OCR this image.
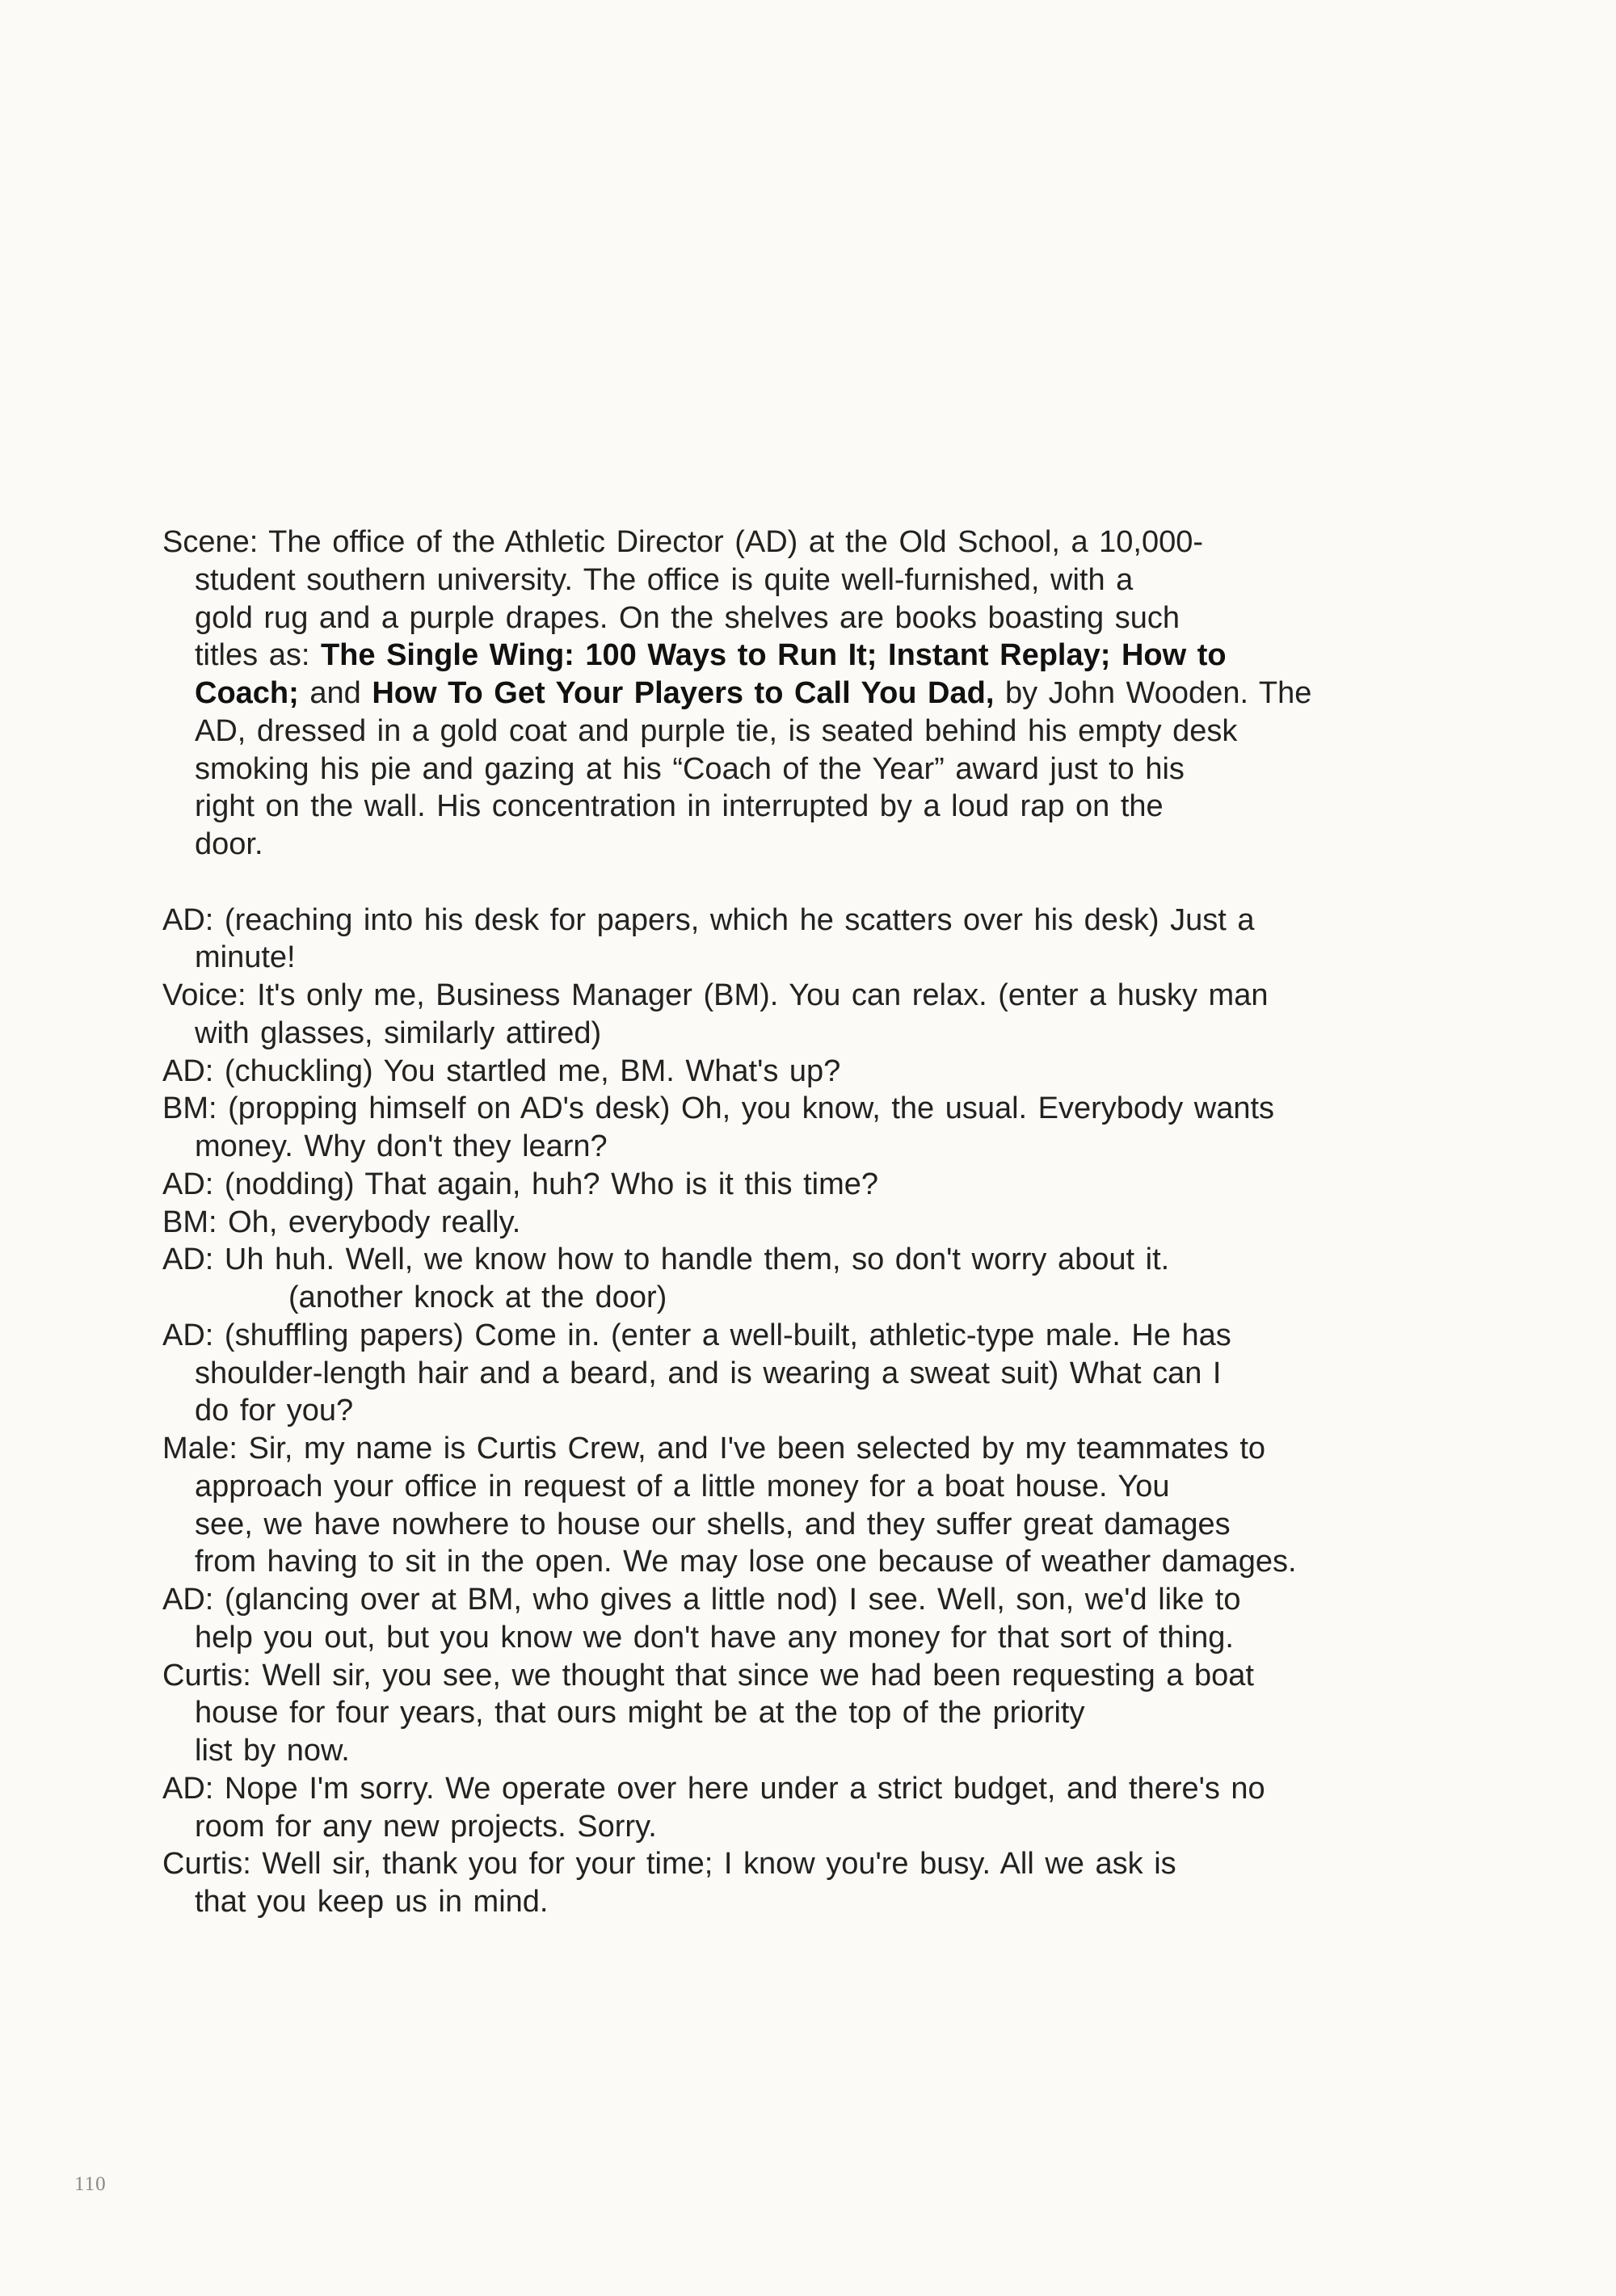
Scene: The office of the Athletic Director (AD) at the Old School, a 10,000-
student southern university. The office is quite well-furnished, with a
gold rug and a purple drapes. On the shelves are books boasting such
titles as: The Single Wing: 100 Ways to Run It; Instant Replay; How to
Coach; and How To Get Your Players to Call You Dad, by John Wooden. The
AD, dressed in a gold coat and purple tie, is seated behind his empty desk
smoking his pie and gazing at his “Coach of the Year” award just to his
right on the wall. His concentration in interrupted by a loud rap on the
door.
AD: (reaching into his desk for papers, which he scatters over his desk) Just a
minute!
Voice: It's only me, Business Manager (BM). You can relax. (enter a husky man
with glasses, similarly attired)
AD: (chuckling) You startled me, BM. What's up?
BM: (propping himself on AD's desk) Oh, you know, the usual. Everybody wants
money. Why don't they learn?
AD: (nodding) That again, huh? Who is it this time?
BM: Oh, everybody really.
AD: Uh huh. Well, we know how to handle them, so don't worry about it.
(another knock at the door)
AD: (shuffling papers) Come in. (enter a well-built, athletic-type male. He has
shoulder-length hair and a beard, and is wearing a sweat suit) What can I
do for you?
Male: Sir, my name is Curtis Crew, and I've been selected by my teammates to
approach your office in request of a little money for a boat house. You
see, we have nowhere to house our shells, and they suffer great damages
from having to sit in the open. We may lose one because of weather damages.
AD: (glancing over at BM, who gives a little nod) I see. Well, son, we'd like to
help you out, but you know we don't have any money for that sort of thing.
Curtis: Well sir, you see, we thought that since we had been requesting a boat
house for four years, that ours might be at the top of the priority
list by now.
AD: Nope I'm sorry. We operate over here under a strict budget, and there's no
room for any new projects. Sorry.
Curtis: Well sir, thank you for your time; I know you're busy. All we ask is
that you keep us in mind.
110
